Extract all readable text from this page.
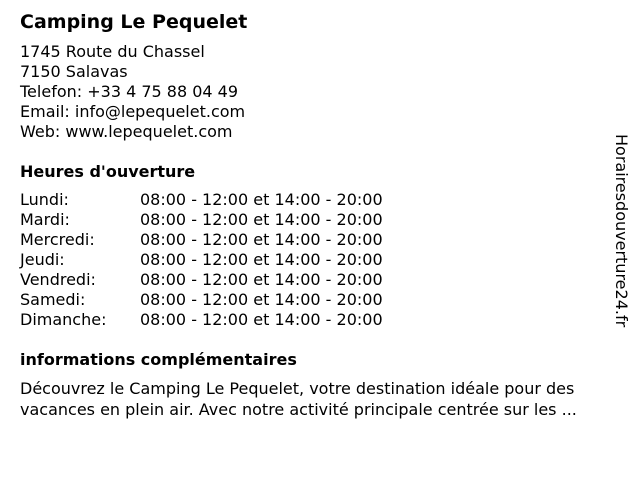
Camping Le Pequelet
1745 Route du Chassel
7150 Salavas
Telefon: +33 4 75 88 04 49
Email: info@lepequelet.com
Web: www.lepequelet.com
Heures d'ouverture
Lundi:	08:00 - 12:00 et 14:00 - 20:00
Mardi:	08:00 - 12:00 et 14:00 - 20:00
Mercredi:	08:00 - 12:00 et 14:00 - 20:00
Jeudi:	08:00 - 12:00 et 14:00 - 20:00
Vendredi:	08:00 - 12:00 et 14:00 - 20:00
Samedi:	08:00 - 12:00 et 14:00 - 20:00
Dimanche:	08:00 - 12:00 et 14:00 - 20:00
informations complémentaires
Découvrez le Camping Le Pequelet, votre destination idéale pour des vacances en plein air. Avec notre activité principale centrée sur les ...
Horairesdouverture24.fr
